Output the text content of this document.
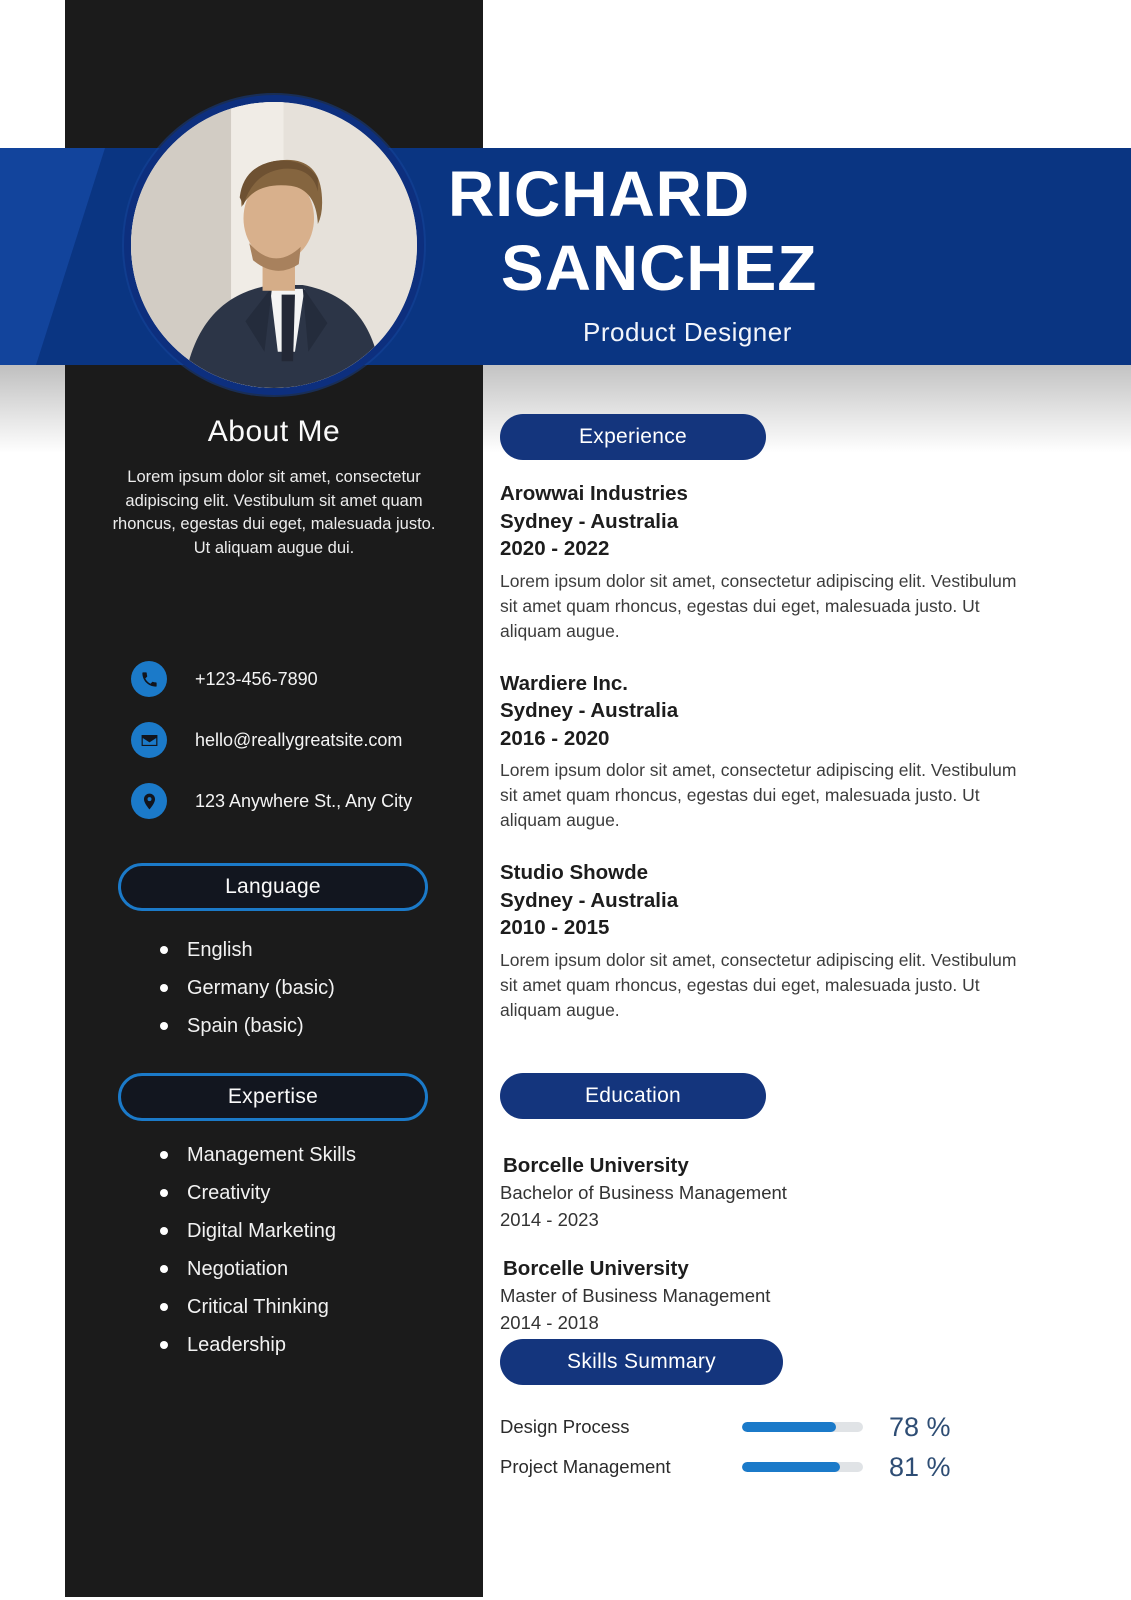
About Me

Lorem ipsum dolor sit amet, consectetur adipiscing elit. Vestibulum sit amet quam rhoncus, egestas dui eget, malesuada justo. Ut aliquam augue dui.

+123-456-7890
hello@reallygreatsite.com
123 Anywhere St., Any City
Language
English
Germany (basic)
Spain (basic)
Expertise
Management Skills
Creativity
Digital Marketing
Negotiation
Critical Thinking
Leadership
RICHARD
SANCHEZ
Product Designer
Experience
Arowwai Industries
Sydney - Australia
2020 - 2022

Lorem ipsum dolor sit amet, consectetur adipiscing elit. Vestibulum sit amet quam rhoncus, egestas dui eget, malesuada justo. Ut aliquam augue.

Wardiere Inc.
Sydney - Australia
2016 - 2020

Lorem ipsum dolor sit amet, consectetur adipiscing elit. Vestibulum sit amet quam rhoncus, egestas dui eget, malesuada justo. Ut aliquam augue.

Studio Showde
Sydney - Australia
2010 - 2015

Lorem ipsum dolor sit amet, consectetur adipiscing elit. Vestibulum sit amet quam rhoncus, egestas dui eget, malesuada justo. Ut aliquam augue.

Education
Borcelle University
Bachelor of Business Management
2014 - 2023
Borcelle University
Master of Business Management
2014 - 2018
Skills Summary
Design Process	78 %
Project Management	81 %
